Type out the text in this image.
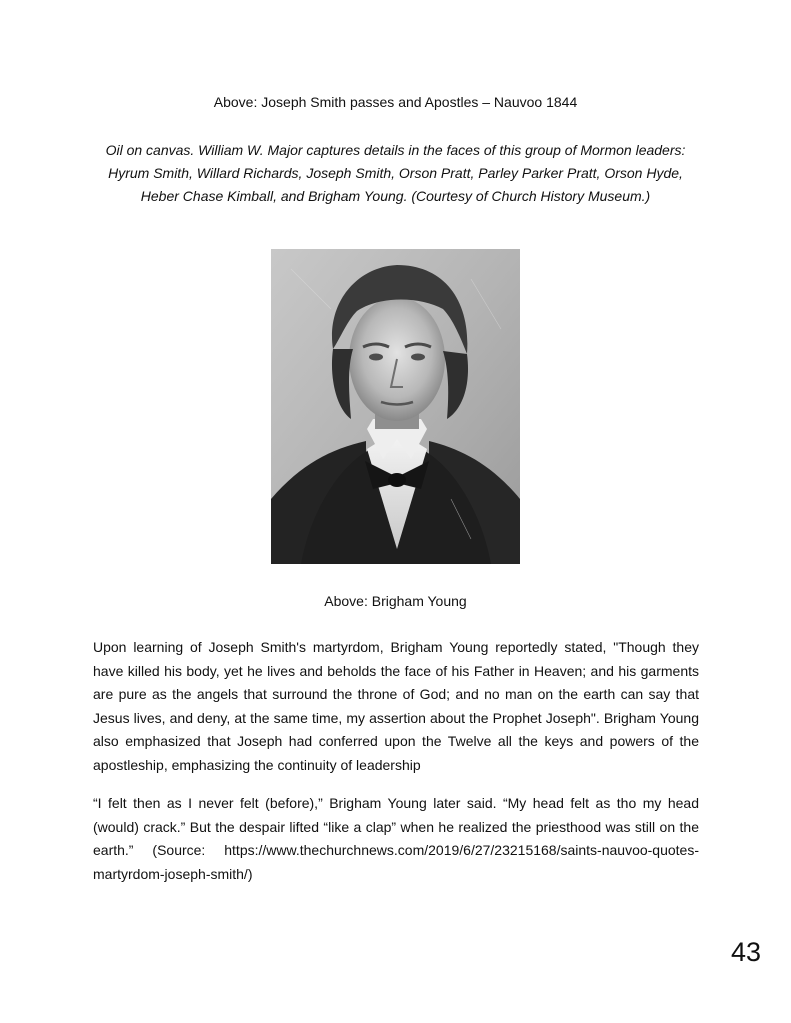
Above: Joseph Smith passes and Apostles – Nauvoo 1844
Oil on canvas. William W. Major captures details in the faces of this group of Mormon leaders: Hyrum Smith, Willard Richards, Joseph Smith, Orson Pratt, Parley Parker Pratt, Orson Hyde, Heber Chase Kimball, and Brigham Young. (Courtesy of Church History Museum.)
Above: Brigham Young
Upon learning of Joseph Smith's martyrdom, Brigham Young reportedly stated, "Though they have killed his body, yet he lives and beholds the face of his Father in Heaven; and his garments are pure as the angels that surround the throne of God; and no man on the earth can say that Jesus lives, and deny, at the same time, my assertion about the Prophet Joseph". Brigham Young also emphasized that Joseph had conferred upon the Twelve all the keys and powers of the apostleship, emphasizing the continuity of leadership
“I felt then as I never felt (before),” Brigham Young later said. “My head felt as tho my head (would) crack.” But the despair lifted “like a clap” when he realized the priesthood was still on the earth.” (Source: https://www.thechurchnews.com/2019/6/27/23215168/saints-nauvoo-quotes-martyrdom-joseph-smith/)
43
